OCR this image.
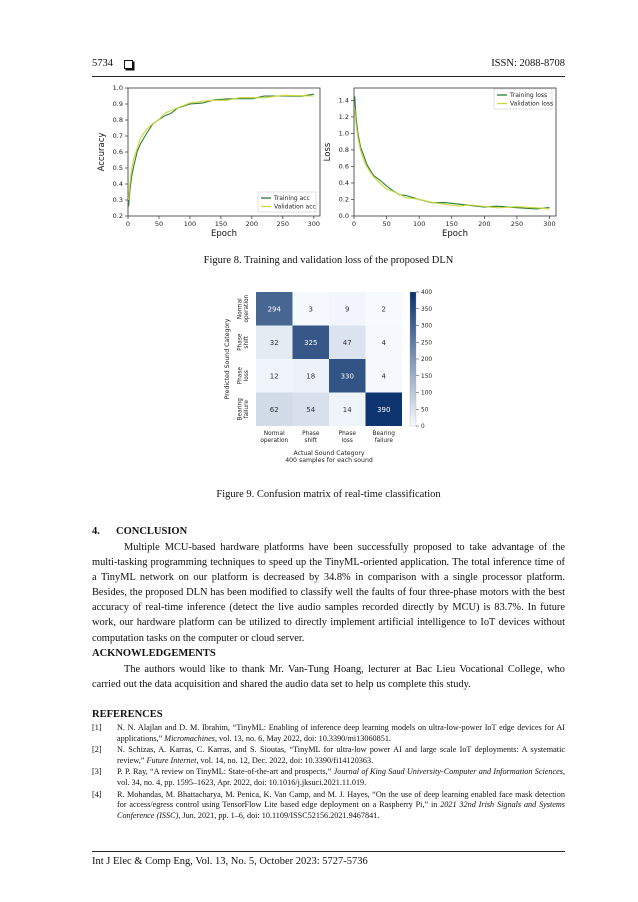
5734	ISSN: 2088-8708
0	50	100	150	200	250	300
0.2
0.3
0.4
0.5
0.6
0.7
0.8
0.9
1.0
Epoch
Accuracy
Training acc
Validation acc
0	50	100	150	200	250	300
0.0
0.2
0.4
0.6
0.8
1.0
1.2
1.4
Epoch
Loss
Training loss
Validation loss
Figure 8. Training and validation loss of the proposed DLN
294	3	9	2
32	325	47	4
12	18	330	4
62	54	14	390
Normal operation
Phase shift
Phase loss
Bearing failure
Normal
operation
Phase
shift
Phase
loss
Bearing
failure
Predicted Sound Category
Actual Sound Category
400 samples for each sound
400
350
300
250
200
150
100
50
0
Figure 9. Confusion matrix of real-time classification
4. CONCLUSION

Multiple MCU-based hardware platforms have been successfully proposed to take advantage of the multi-tasking programming techniques to speed up the TinyML-oriented application. The total inference time of a TinyML network on our platform is decreased by 34.8% in comparison with a single processor platform. Besides, the proposed DLN has been modified to classify well the faults of four three-phase motors with the best accuracy of real-time inference (detect the live audio samples recorded directly by MCU) is 83.7%. In future work, our hardware platform can be utilized to directly implement artificial intelligence to IoT devices without computation tasks on the computer or cloud server.

ACKNOWLEDGEMENTS

The authors would like to thank Mr. Van-Tung Hoang, lecturer at Bac Lieu Vocational College, who carried out the data acquisition and shared the audio data set to help us complete this study.

REFERENCES
[1] N. N. Alajlan and D. M. Ibrahim, “TinyML: Enabling of inference deep learning models on ultra-low-power IoT edge devices for AI applications,” Micromachines, vol. 13, no. 6, May 2022, doi: 10.3390/mi13060851.
[2] N. Schizas, A. Karras, C. Karras, and S. Sioutas, “TinyML for ultra-low power AI and large scale IoT deployments: A systematic review,” Future Internet, vol. 14, no. 12, Dec. 2022, doi: 10.3390/fi14120363.
[3] P. P. Ray, “A review on TinyML: State-of-the-art and prospects,” Journal of King Saud University-Computer and Information Sciences, vol. 34, no. 4, pp. 1595–1623, Apr. 2022, doi: 10.1016/j.jksuci.2021.11.019.
[4] R. Mohandas, M. Bhattacharya, M. Penica, K. Van Camp, and M. J. Hayes, “On the use of deep learning enabled face mask detection for access/egress control using TensorFlow Lite based edge deployment on a Raspberry Pi,” in 2021 32nd Irish Signals and Systems Conference (ISSC), Jun. 2021, pp. 1–6, doi: 10.1109/ISSC52156.2021.9467841.
Int J Elec & Comp Eng, Vol. 13, No. 5, October 2023: 5727-5736
